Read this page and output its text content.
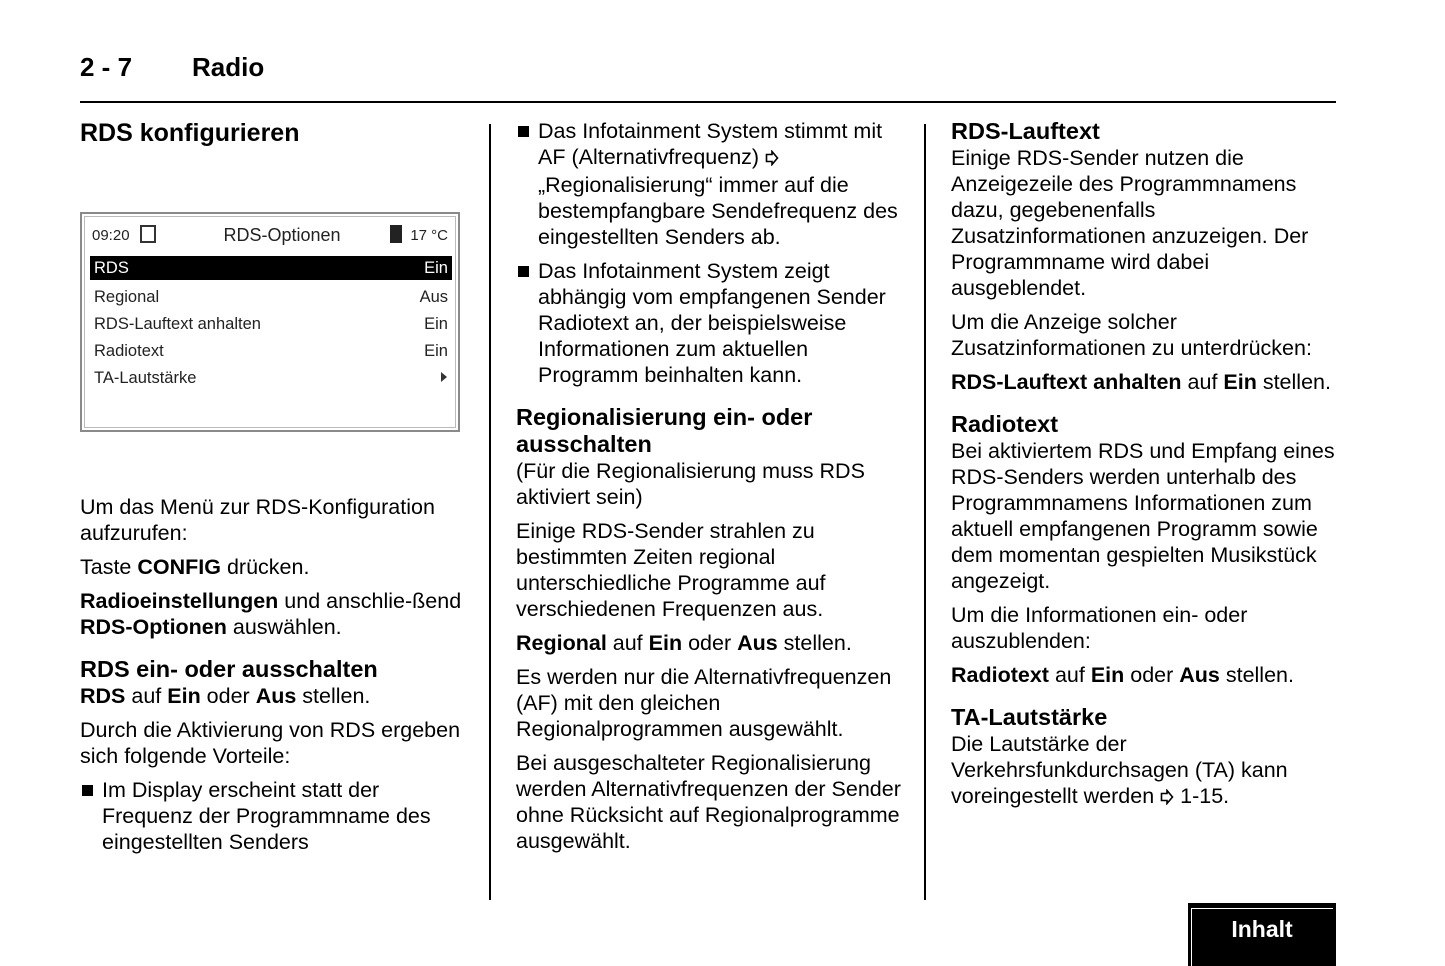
2 - 7 Radio
RDS konfigurieren
09:20	RDS-Optionen	17 °C
RDS	Ein
Regional	Aus
RDS-Lauftext anhalten	Ein
Radiotext	Ein
TA-Lautstärke

Um das Menü zur RDS-Konfiguration aufzurufen:

Taste CONFIG drücken.

Radioeinstellungen und anschlie-ßend RDS-Optionen auswählen.

RDS ein- oder ausschalten

RDS auf Ein oder Aus stellen.

Durch die Aktivierung von RDS ergeben sich folgende Vorteile:

Im Display erscheint statt der Frequenz der Programmname des eingestellten Senders
Das Infotainment System stimmt mit AF (Alternativfrequenz)  „Regionalisierung“ immer auf die bestempfangbare Sendefrequenz des eingestellten Senders ab.
Das Infotainment System zeigt abhängig vom empfangenen Sender Radiotext an, der beispielsweise Informationen zum aktuellen Programm beinhalten kann.
Regionalisierung ein- oder ausschalten

(Für die Regionalisierung muss RDS aktiviert sein)

Einige RDS-Sender strahlen zu bestimmten Zeiten regional unterschiedliche Programme auf verschiedenen Frequenzen aus.

Regional auf Ein oder Aus stellen.

Es werden nur die Alternativfrequenzen (AF) mit den gleichen Regionalprogrammen ausgewählt.

Bei ausgeschalteter Regionalisierung werden Alternativfrequenzen der Sender ohne Rücksicht auf Regionalprogramme ausgewählt.

RDS-Lauftext

Einige RDS-Sender nutzen die Anzeigezeile des Programmnamens dazu, gegebenenfalls Zusatzinformationen anzuzeigen. Der Programmname wird dabei ausgeblendet.

Um die Anzeige solcher Zusatzinformationen zu unterdrücken:

RDS-Lauftext anhalten auf Ein stellen.

Radiotext

Bei aktiviertem RDS und Empfang eines RDS-Senders werden unterhalb des Programmnamens Informationen zum aktuell empfangenen Programm sowie dem momentan gespielten Musikstück angezeigt.

Um die Informationen ein- oder auszublenden:

Radiotext auf Ein oder Aus stellen.

TA-Lautstärke

Die Lautstärke der Verkehrsfunkdurchsagen (TA) kann voreingestellt werden  1-15.

Inhalt
